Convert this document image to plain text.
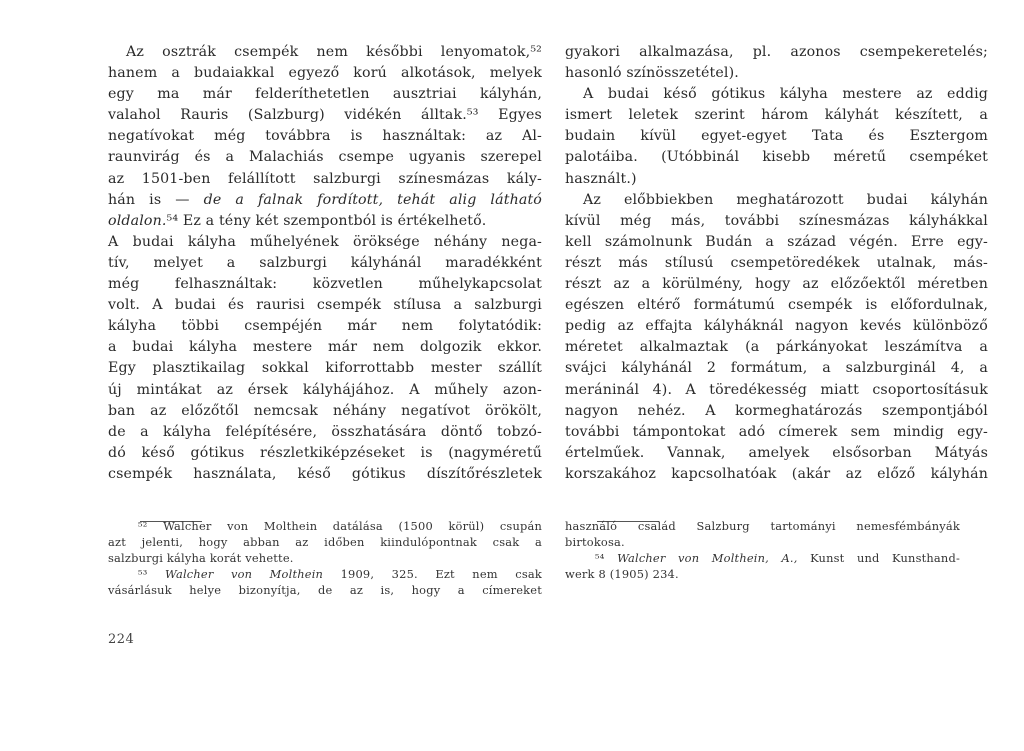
Az osztrák csempék nem későbbi lenyomatok,⁵²
hanem a budaiakkal egyező korú alkotások, melyek
egy ma már felderíthetetlen ausztriai kályhán,
valahol Rauris (Salzburg) vidékén álltak.⁵³ Egyes
negatívokat még továbbra is használtak: az Al-
raunvirág és a Malachiás csempe ugyanis szerepel
az 1501-ben felállított salzburgi színesmázas kály-
hán is — de a falnak fordított, tehát alig látható
oldalon.⁵⁴ Ez a tény két szempontból is értékelhető.
A budai kályha műhelyének öröksége néhány nega-
tív, melyet a salzburgi kályhánál maradékként
még felhasználtak: közvetlen műhelykapcsolat
volt. A budai és raurisi csempék stílusa a salzburgi
kályha többi csempéjén már nem folytatódik:
a budai kályha mestere már nem dolgozik ekkor.
Egy plasztikailag sokkal kiforrottabb mester szállít
új mintákat az érsek kályhájához. A műhely azon-
ban az előzőtől nemcsak néhány negatívot örökölt,
de a kályha felépítésére, összhatására döntő tobzó-
dó késő gótikus részletkiképzéseket is (nagyméretű
csempék használata, késő gótikus díszítőrészletek
gyakori alkalmazása, pl. azonos csempekeretelés;
hasonló színösszetétel).
A budai késő gótikus kályha mestere az eddig
ismert leletek szerint három kályhát készített, a
budain kívül egyet-egyet Tata és Esztergom
palotáiba. (Utóbbinál kisebb méretű csempéket
használt.)
Az előbbiekben meghatározott budai kályhán
kívül még más, további színesmázas kályhákkal
kell számolnunk Budán a század végén. Erre egy-
részt más stílusú csempetöredékek utalnak, más-
részt az a körülmény, hogy az előzőektől méretben
egészen eltérő formátumú csempék is előfordulnak,
pedig az effajta kályháknál nagyon kevés különböző
méretet alkalmaztak (a párkányokat leszámítva a
svájci kályhánál 2 formátum, a salzburginál 4, a
meráninál 4). A töredékesség miatt csoportosításuk
nagyon nehéz. A kormeghatározás szempontjából
további támpontokat adó címerek sem mindig egy-
értelműek. Vannak, amelyek elsősorban Mátyás
korszakához kapcsolhatóak (akár az előző kályhán
⁵² Walcher von Molthein datálása (1500 körül) csupán
azt jelenti, hogy abban az időben kiindulópontnak csak a
salzburgi kályha korát vehette.
⁵³ Walcher von Molthein 1909, 325. Ezt nem csak
vásárlásuk helye bizonyítja, de az is, hogy a címereket
használó család Salzburg tartományi nemesfémbányák
birtokosa.
⁵⁴ Walcher von Molthein, A., Kunst und Kunsthand-
werk 8 (1905) 234.
224
